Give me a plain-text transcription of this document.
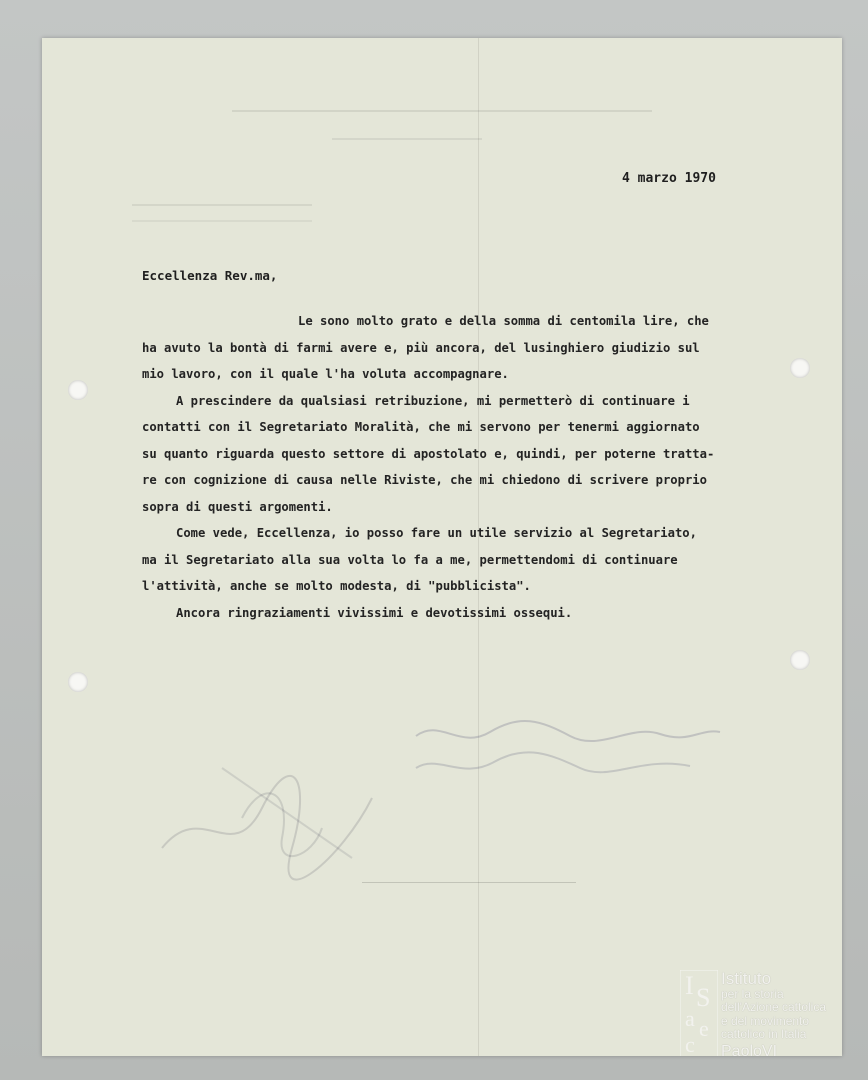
4 marzo 1970
Eccellenza Rev.ma,
Le sono molto grato e della somma di centomila lire, che
ha avuto la bontà di farmi avere e, più ancora, del lusinghiero giudizio sul
mio lavoro, con il quale l'ha voluta accompagnare.
A prescindere da qualsiasi retribuzione, mi permetterò di continuare i
contatti con il Segretariato Moralità, che mi servono per tenermi aggiornato
su quanto riguarda questo settore di apostolato e, quindi, per poterne tratta-
re con cognizione di causa nelle Riviste, che mi chiedono di scrivere proprio
sopra di questi argomenti.
Come vede, Eccellenza, io posso fare un utile servizio al Segretariato,
ma il Segretariato alla sua volta lo fa a me, permettendomi di continuare
l'attività, anche se molto modesta, di "pubblicista".
Ancora ringraziamenti vivissimi e devotissimi ossequi.
I S
a e
c
Istituto
per la storia
dell'Azione cattolica
e del movimento
cattolico in Italia
PaoloVI
